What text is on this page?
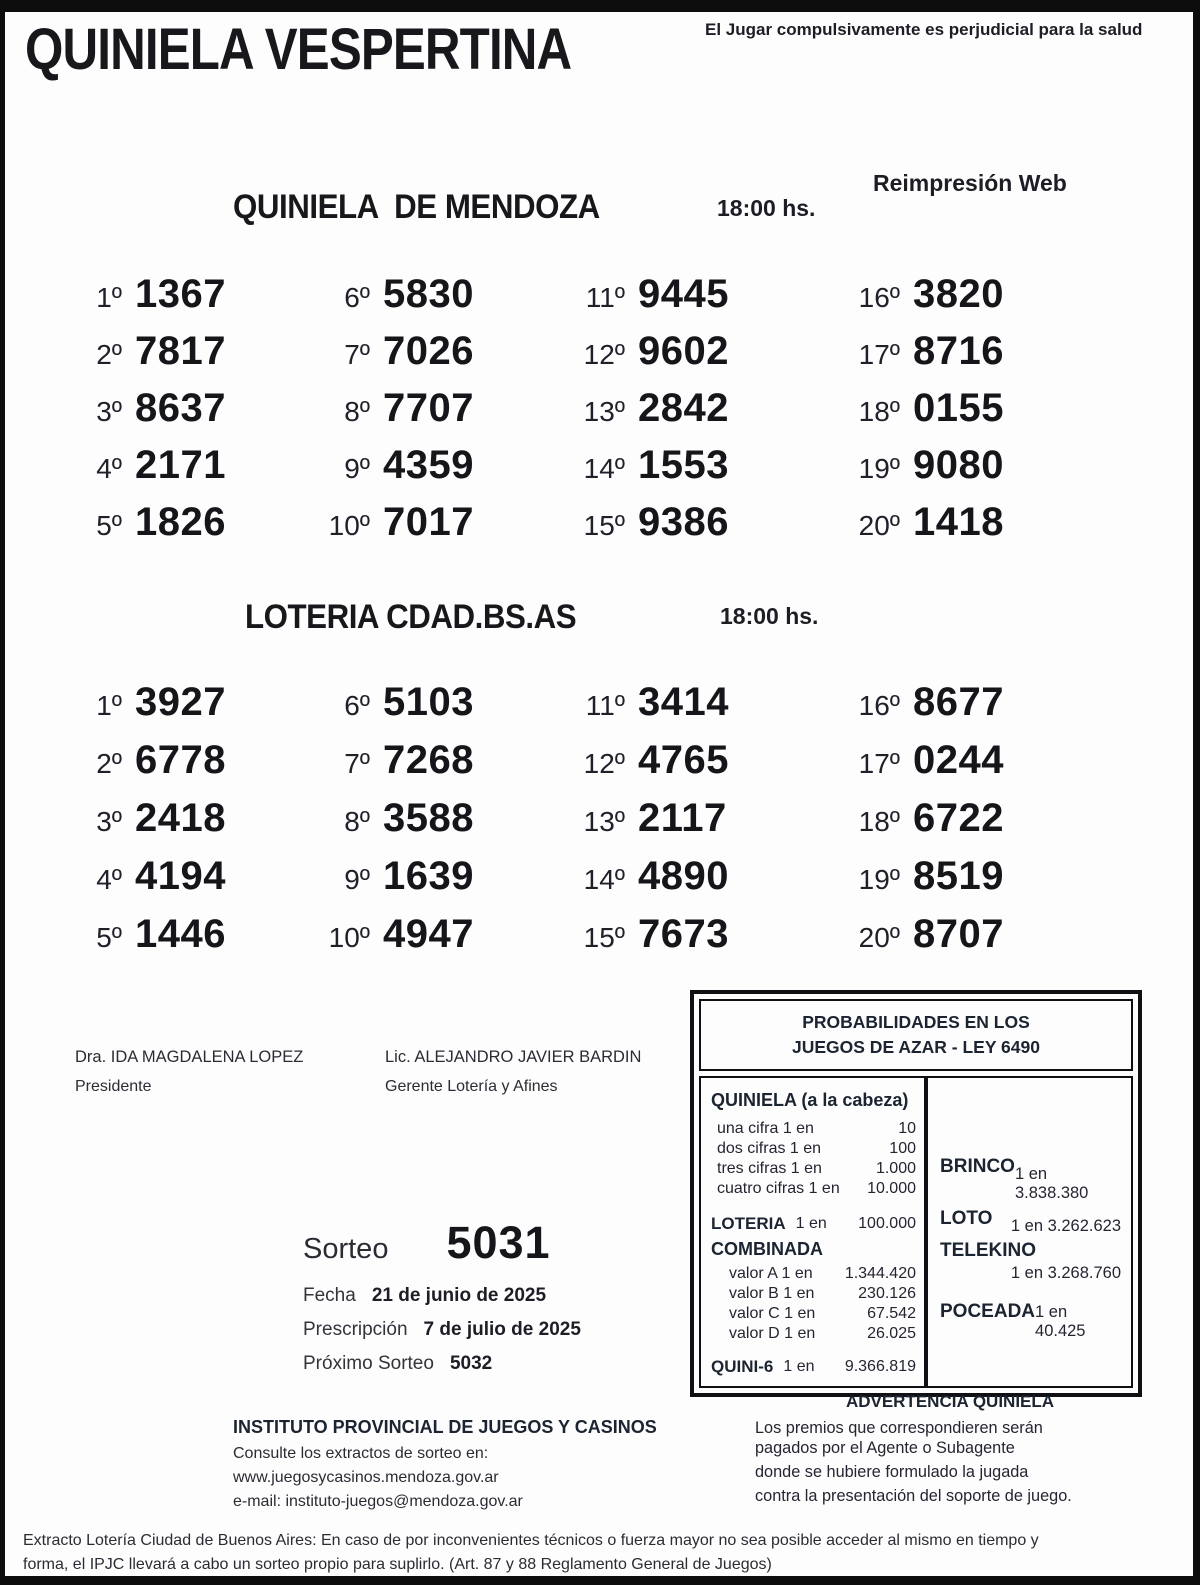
QUINIELA VESPERTINA	El Jugar compulsivamente es perjudicial para la salud
QUINIELA  DE MENDOZA	18:00 hs.
Reimpresión Web
1º 1367	6º 5830	11º 9445	16º 3820
2º 7817	7º 7026	12º 9602	17º 8716
3º 8637	8º 7707	13º 2842	18º 0155
4º 2171	9º 4359	14º 1553	19º 9080
5º 1826	10º 7017	15º 9386	20º 1418
LOTERIA CDAD.BS.AS	18:00 hs.
1º 3927	6º 5103	11º 3414	16º 8677
2º 6778	7º 7268	12º 4765	17º 0244
3º 2418	8º 3588	13º 2117	18º 6722
4º 4194	9º 1639	14º 4890	19º 8519
5º 1446	10º 4947	15º 7673	20º 8707
Dra. IDA MAGDALENA LOPEZ
Presidente
Lic. ALEJANDRO JAVIER BARDIN
Gerente Lotería y Afines
PROBABILIDADES EN LOS
JUEGOS DE AZAR - LEY 6490
QUINIELA (a la cabeza)
una cifra 1 en	10
dos cifras 1 en	100
tres cifras 1 en	1.000
cuatro cifras 1 en 10.000
LOTERIA 1 en 100.000
COMBINADA
valor A 1 en 1.344.420
valor B 1 en	230.126
valor C 1 en	67.542
valor D 1 en	26.025
QUINI-6 1 en 9.366.819
BRINCO 1 en 3.838.380
LOTO 1 en 3.262.623
TELEKINO
1 en 3.268.760
POCEADA 1 en 40.425
Sorteo 5031
Fecha 21 de junio de 2025
Prescripción 7 de julio de 2025
Próximo Sorteo 5032
ADVERTENCIA QUINIELA
Los premios que correspondieren serán
pagados por el Agente o Subagente
donde se hubiere formulado la jugada
contra la presentación del soporte de juego.
INSTITUTO PROVINCIAL DE JUEGOS Y CASINOS
Consulte los extractos de sorteo en:
www.juegosycasinos.mendoza.gov.ar
e-mail: instituto-juegos@mendoza.gov.ar
Extracto Lotería Ciudad de Buenos Aires: En caso de por inconvenientes técnicos o fuerza mayor no sea posible acceder al mismo en tiempo y
forma, el IPJC llevará a cabo un sorteo propio para suplirlo. (Art. 87 y 88 Reglamento General de Juegos)
